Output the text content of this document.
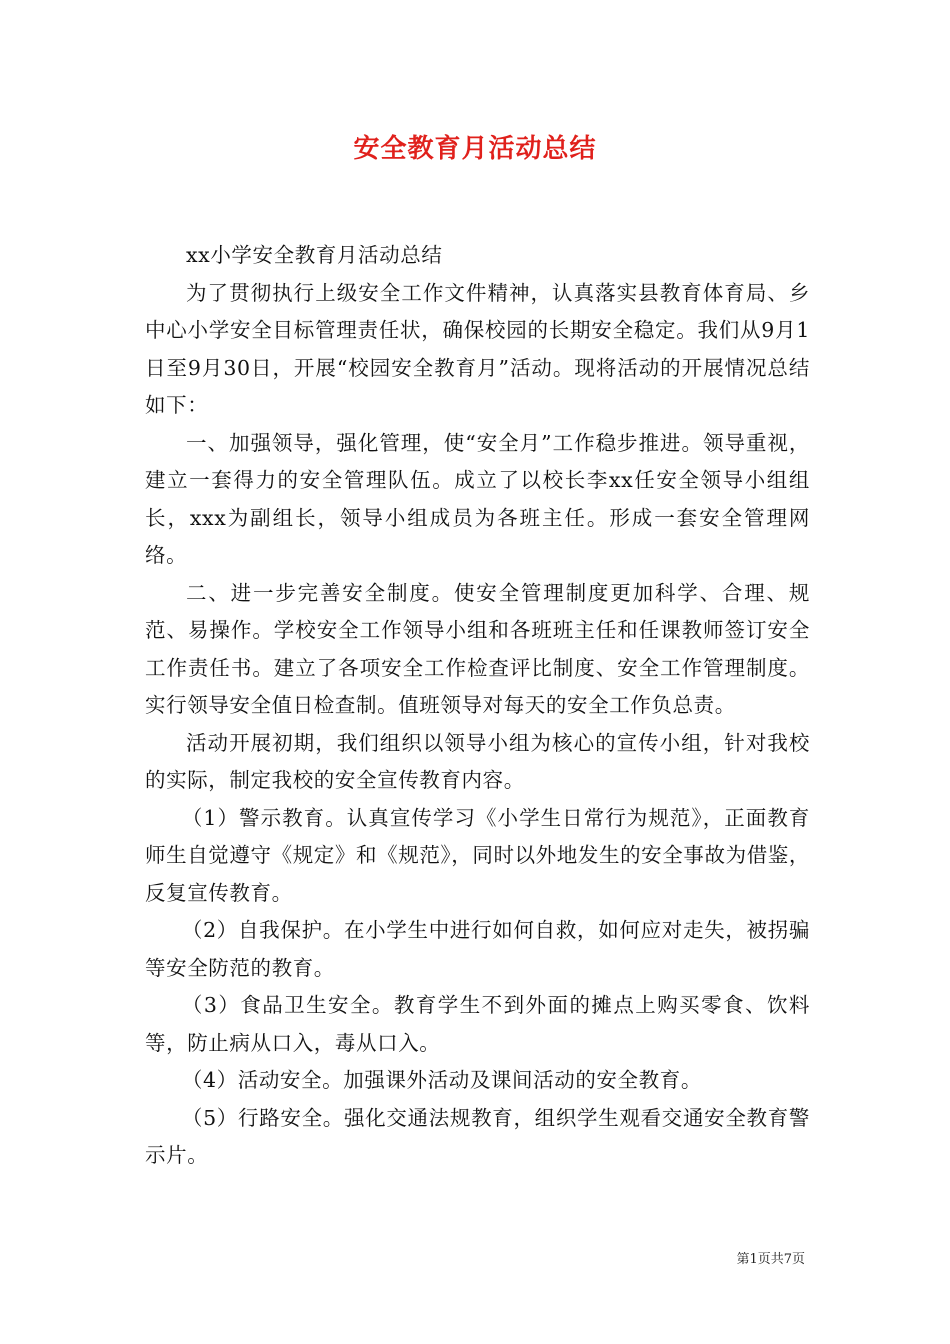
安全教育月活动总结

xx小学安全教育月活动总结

为了贯彻执行上级安全工作文件精神，认真落实县教育体育局、乡中心小学安全目标管理责任状，确保校园的长期安全稳定。我们从9月1日至9月30日，开展“校园安全教育月”活动。现将活动的开展情况总结如下：

一、加强领导，强化管理，使“安全月”工作稳步推进。领导重视，建立一套得力的安全管理队伍。成立了以校长李xx任安全领导小组组长，xxx为副组长，领导小组成员为各班主任。形成一套安全管理网络。

二、进一步完善安全制度。使安全管理制度更加科学、合理、规范、易操作。学校安全工作领导小组和各班班主任和任课教师签订安全工作责任书。建立了各项安全工作检查评比制度、安全工作管理制度。实行领导安全值日检查制。值班领导对每天的安全工作负总责。

活动开展初期，我们组织以领导小组为核心的宣传小组，针对我校的实际，制定我校的安全宣传教育内容。

（1）警示教育。认真宣传学习《小学生日常行为规范》，正面教育师生自觉遵守《规定》和《规范》，同时以外地发生的安全事故为借鉴，反复宣传教育。

（2）自我保护。在小学生中进行如何自救，如何应对走失，被拐骗等安全防范的教育。

（3）食品卫生安全。教育学生不到外面的摊点上购买零食、饮料等，防止病从口入，毒从口入。

（4）活动安全。加强课外活动及课间活动的安全教育。

（5）行路安全。强化交通法规教育，组织学生观看交通安全教育警示片。

第1页共7页
